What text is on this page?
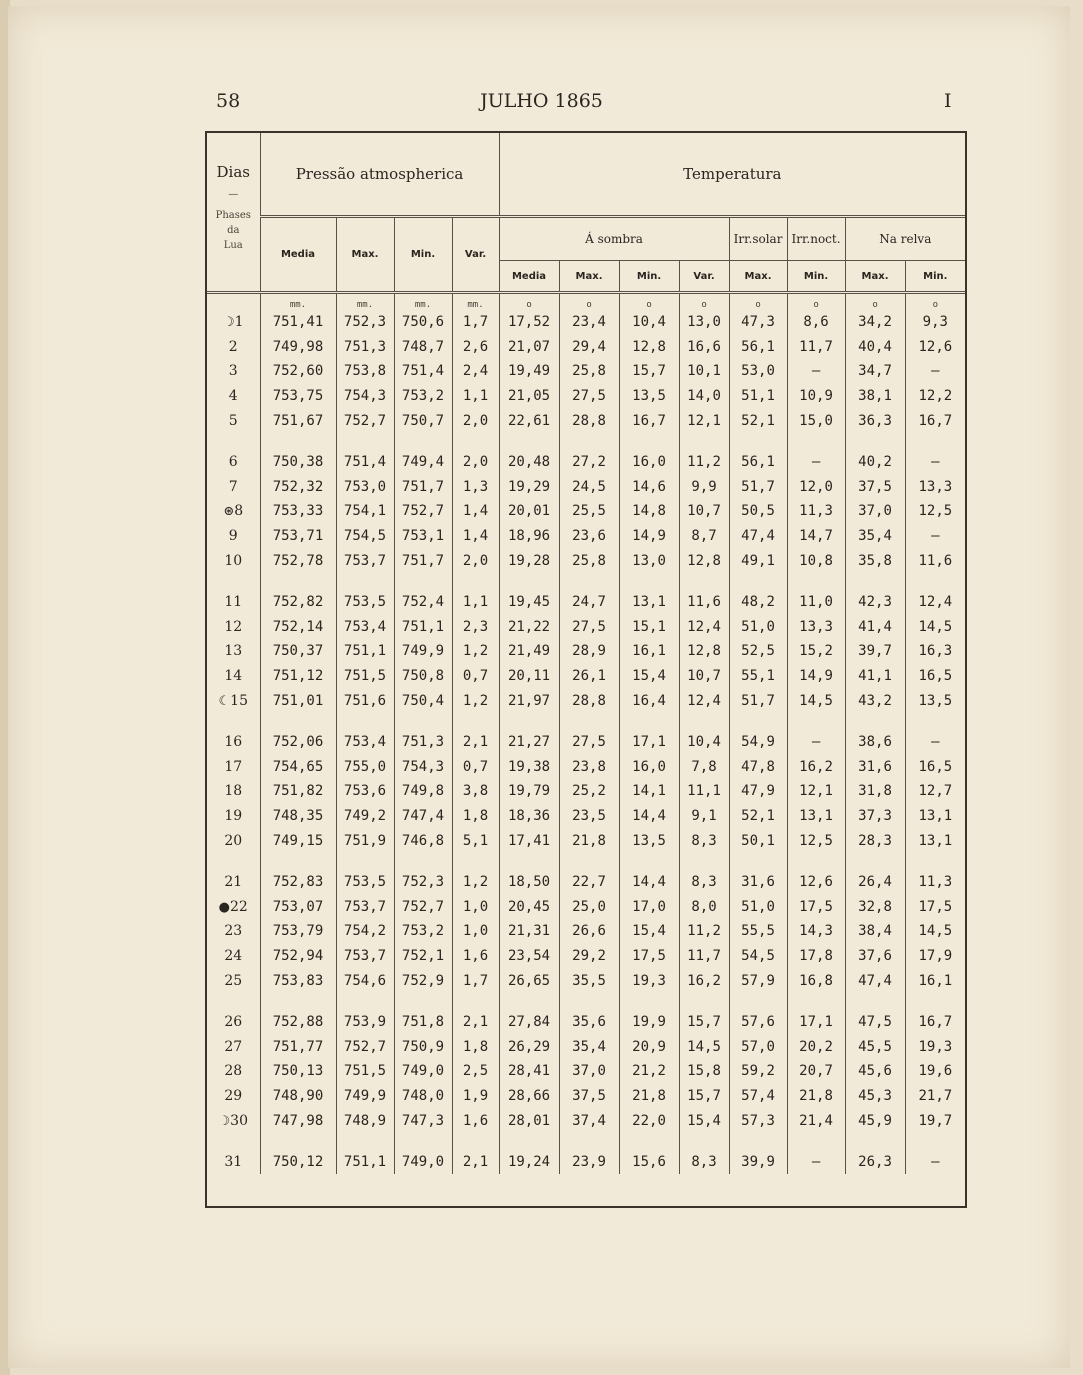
58	JULHO 1865	I
Dias
—
Phases
da
Lua	Pressão atmospherica				Temperatura							
	Media	Max.	Min.	Var.	Á sombra				Irr.solar	Irr.noct.	Na relva	
					Media	Max.	Min.	Var.	Max.	Min.	Max.	Min.
	mm.	mm.	mm.	mm.	o	o	o	o	o	o	o	o
☽1	751,41	752,3	750,6	1,7	17,52	23,4	10,4	13,0	47,3	8,6	34,2	9,3
2	749,98	751,3	748,7	2,6	21,07	29,4	12,8	16,6	56,1	11,7	40,4	12,6
3	752,60	753,8	751,4	2,4	19,49	25,8	15,7	10,1	53,0	—	34,7	—
4	753,75	754,3	753,2	1,1	21,05	27,5	13,5	14,0	51,1	10,9	38,1	12,2
5	751,67	752,7	750,7	2,0	22,61	28,8	16,7	12,1	52,1	15,0	36,3	16,7

6	750,38	751,4	749,4	2,0	20,48	27,2	16,0	11,2	56,1	—	40,2	—
7	752,32	753,0	751,7	1,3	19,29	24,5	14,6	9,9	51,7	12,0	37,5	13,3
⊛8	753,33	754,1	752,7	1,4	20,01	25,5	14,8	10,7	50,5	11,3	37,0	12,5
9	753,71	754,5	753,1	1,4	18,96	23,6	14,9	8,7	47,4	14,7	35,4	—
10	752,78	753,7	751,7	2,0	19,28	25,8	13,0	12,8	49,1	10,8	35,8	11,6

11	752,82	753,5	752,4	1,1	19,45	24,7	13,1	11,6	48,2	11,0	42,3	12,4
12	752,14	753,4	751,1	2,3	21,22	27,5	15,1	12,4	51,0	13,3	41,4	14,5
13	750,37	751,1	749,9	1,2	21,49	28,9	16,1	12,8	52,5	15,2	39,7	16,3
14	751,12	751,5	750,8	0,7	20,11	26,1	15,4	10,7	55,1	14,9	41,1	16,5
☾15	751,01	751,6	750,4	1,2	21,97	28,8	16,4	12,4	51,7	14,5	43,2	13,5

16	752,06	753,4	751,3	2,1	21,27	27,5	17,1	10,4	54,9	—	38,6	—
17	754,65	755,0	754,3	0,7	19,38	23,8	16,0	7,8	47,8	16,2	31,6	16,5
18	751,82	753,6	749,8	3,8	19,79	25,2	14,1	11,1	47,9	12,1	31,8	12,7
19	748,35	749,2	747,4	1,8	18,36	23,5	14,4	9,1	52,1	13,1	37,3	13,1
20	749,15	751,9	746,8	5,1	17,41	21,8	13,5	8,3	50,1	12,5	28,3	13,1

21	752,83	753,5	752,3	1,2	18,50	22,7	14,4	8,3	31,6	12,6	26,4	11,3
●22	753,07	753,7	752,7	1,0	20,45	25,0	17,0	8,0	51,0	17,5	32,8	17,5
23	753,79	754,2	753,2	1,0	21,31	26,6	15,4	11,2	55,5	14,3	38,4	14,5
24	752,94	753,7	752,1	1,6	23,54	29,2	17,5	11,7	54,5	17,8	37,6	17,9
25	753,83	754,6	752,9	1,7	26,65	35,5	19,3	16,2	57,9	16,8	47,4	16,1

26	752,88	753,9	751,8	2,1	27,84	35,6	19,9	15,7	57,6	17,1	47,5	16,7
27	751,77	752,7	750,9	1,8	26,29	35,4	20,9	14,5	57,0	20,2	45,5	19,3
28	750,13	751,5	749,0	2,5	28,41	37,0	21,2	15,8	59,2	20,7	45,6	19,6
29	748,90	749,9	748,0	1,9	28,66	37,5	21,8	15,7	57,4	21,8	45,3	21,7
☽30	747,98	748,9	747,3	1,6	28,01	37,4	22,0	15,4	57,3	21,4	45,9	19,7

31	750,12	751,1	749,0	2,1	19,24	23,9	15,6	8,3	39,9	—	26,3	—
